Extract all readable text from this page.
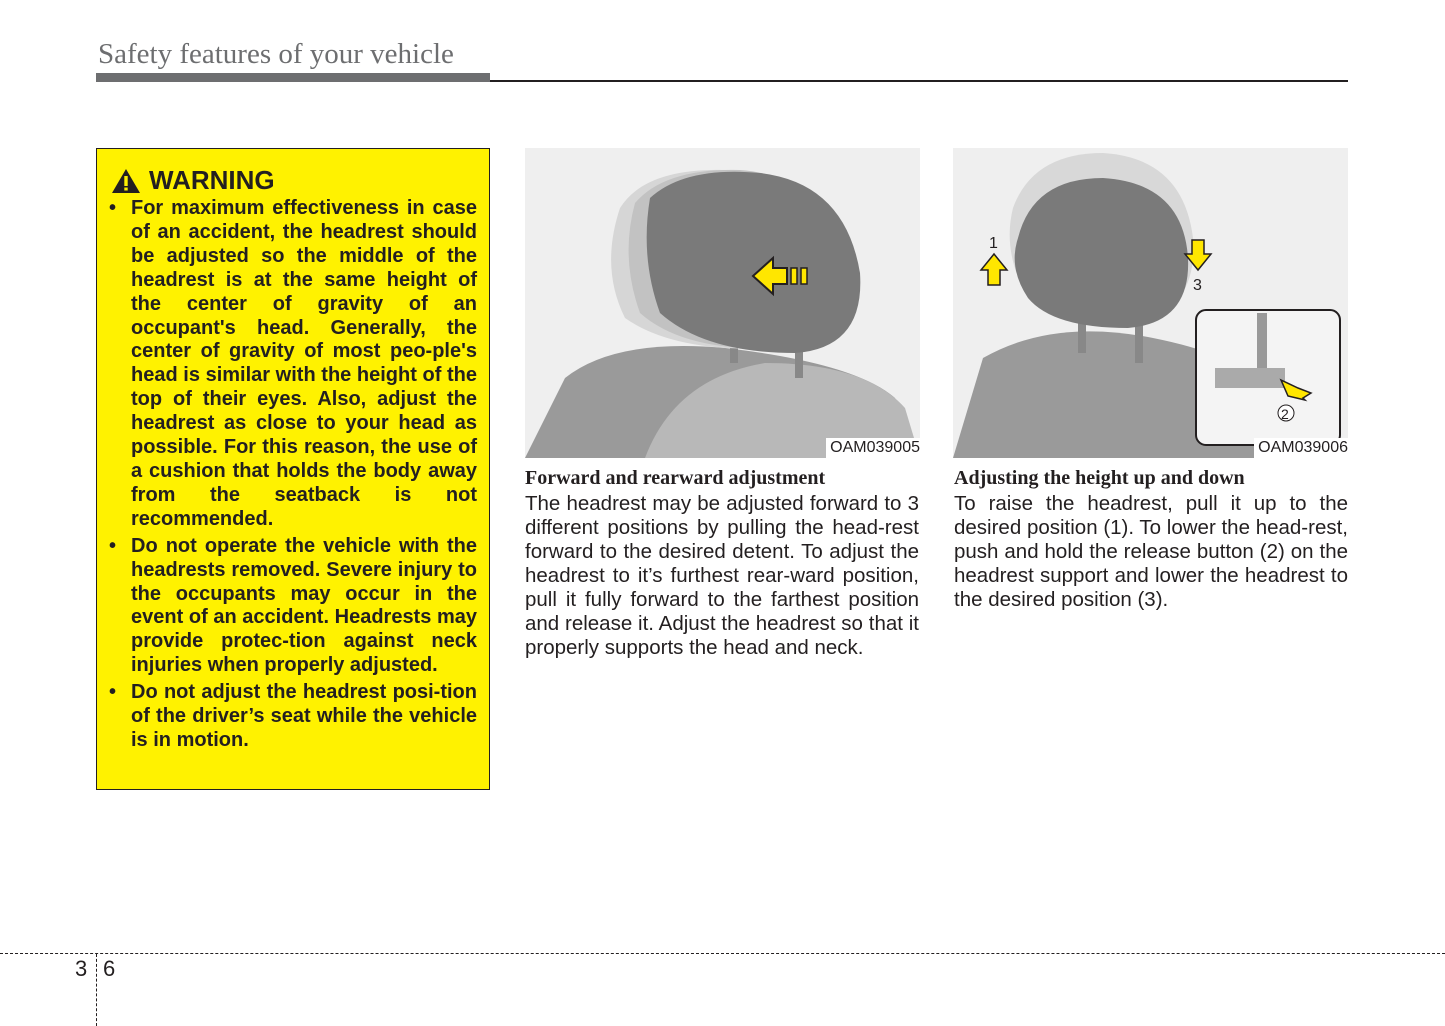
Safety features of your vehicle
WARNING
• For maximum effectiveness in case of an accident, the headrest should be adjusted so the middle of the headrest is at the same height of the center of gravity of an occupant's head. Generally, the center of gravity of most peo-ple's head is similar with the height of the top of their eyes. Also, adjust the headrest as close to your head as possible. For this reason, the use of a cushion that holds the body away from the seatback is not recommended.
• Do not operate the vehicle with the headrests removed. Severe injury to the occupants may occur in the event of an accident. Headrests may provide protec-tion against neck injuries when properly adjusted.
• Do not adjust the headrest posi-tion of the driver’s seat while the vehicle is in motion.
OAM039005
1
3
2
OAM039006
Forward and rearward adjustment

The headrest may be adjusted forward to 3 different positions by pulling the head-rest forward to the desired detent. To adjust the headrest to it’s furthest rear-ward position, pull it fully forward to the farthest position and release it. Adjust the headrest so that it properly supports the head and neck.

Adjusting the height up and down

To raise the headrest, pull it up to the desired position (1). To lower the head-rest, push and hold the release button (2) on the headrest support and lower the headrest to the desired position (3).

3 6
